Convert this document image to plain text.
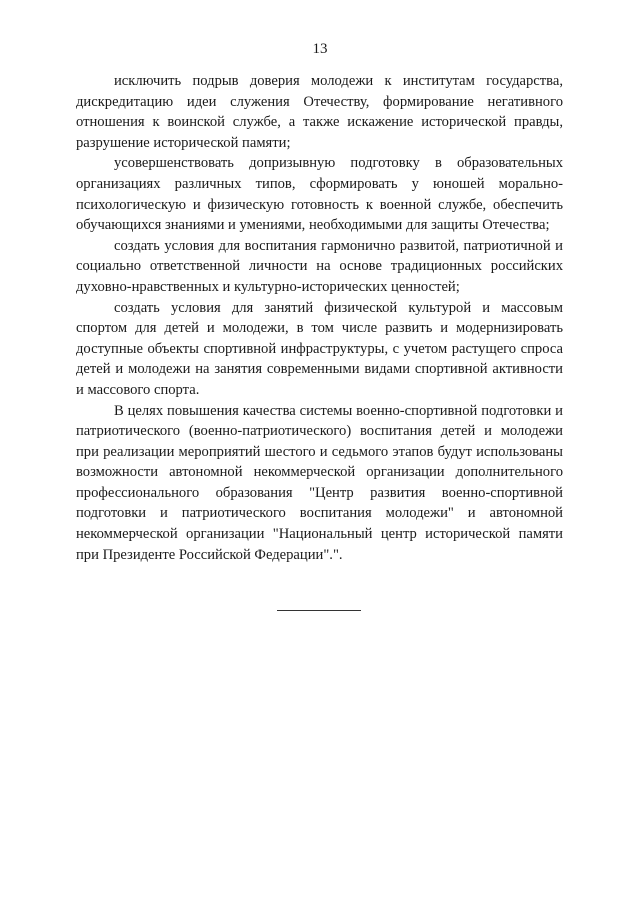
13

исключить подрыв доверия молодежи к институтам государства, дискредитацию идеи служения Отечеству, формирование негативного отношения к воинской службе, а также искажение исторической правды, разрушение исторической памяти;

усовершенствовать допризывную подготовку в образовательных организациях различных типов, сформировать у юношей морально-психологическую и физическую готовность к военной службе, обеспечить обучающихся знаниями и умениями, необходимыми для защиты Отечества;

создать условия для воспитания гармонично развитой, патриотичной и социально ответственной личности на основе традиционных российских духовно-нравственных и культурно-исторических ценностей;

создать условия для занятий физической культурой и массовым спортом для детей и молодежи, в том числе развить и модернизировать доступные объекты спортивной инфраструктуры, с учетом растущего спроса детей и молодежи на занятия современными видами спортивной активности и массового спорта.

В целях повышения качества системы военно-спортивной подготовки и патриотического (военно-патриотического) воспитания детей и молодежи при реализации мероприятий шестого и седьмого этапов будут использованы возможности автономной некоммерческой организации дополнительного профессионального образования "Центр развития военно-спортивной подготовки и патриотического воспитания молодежи" и автономной некоммерческой организации "Национальный центр исторической памяти при Президенте Российской Федерации".".
